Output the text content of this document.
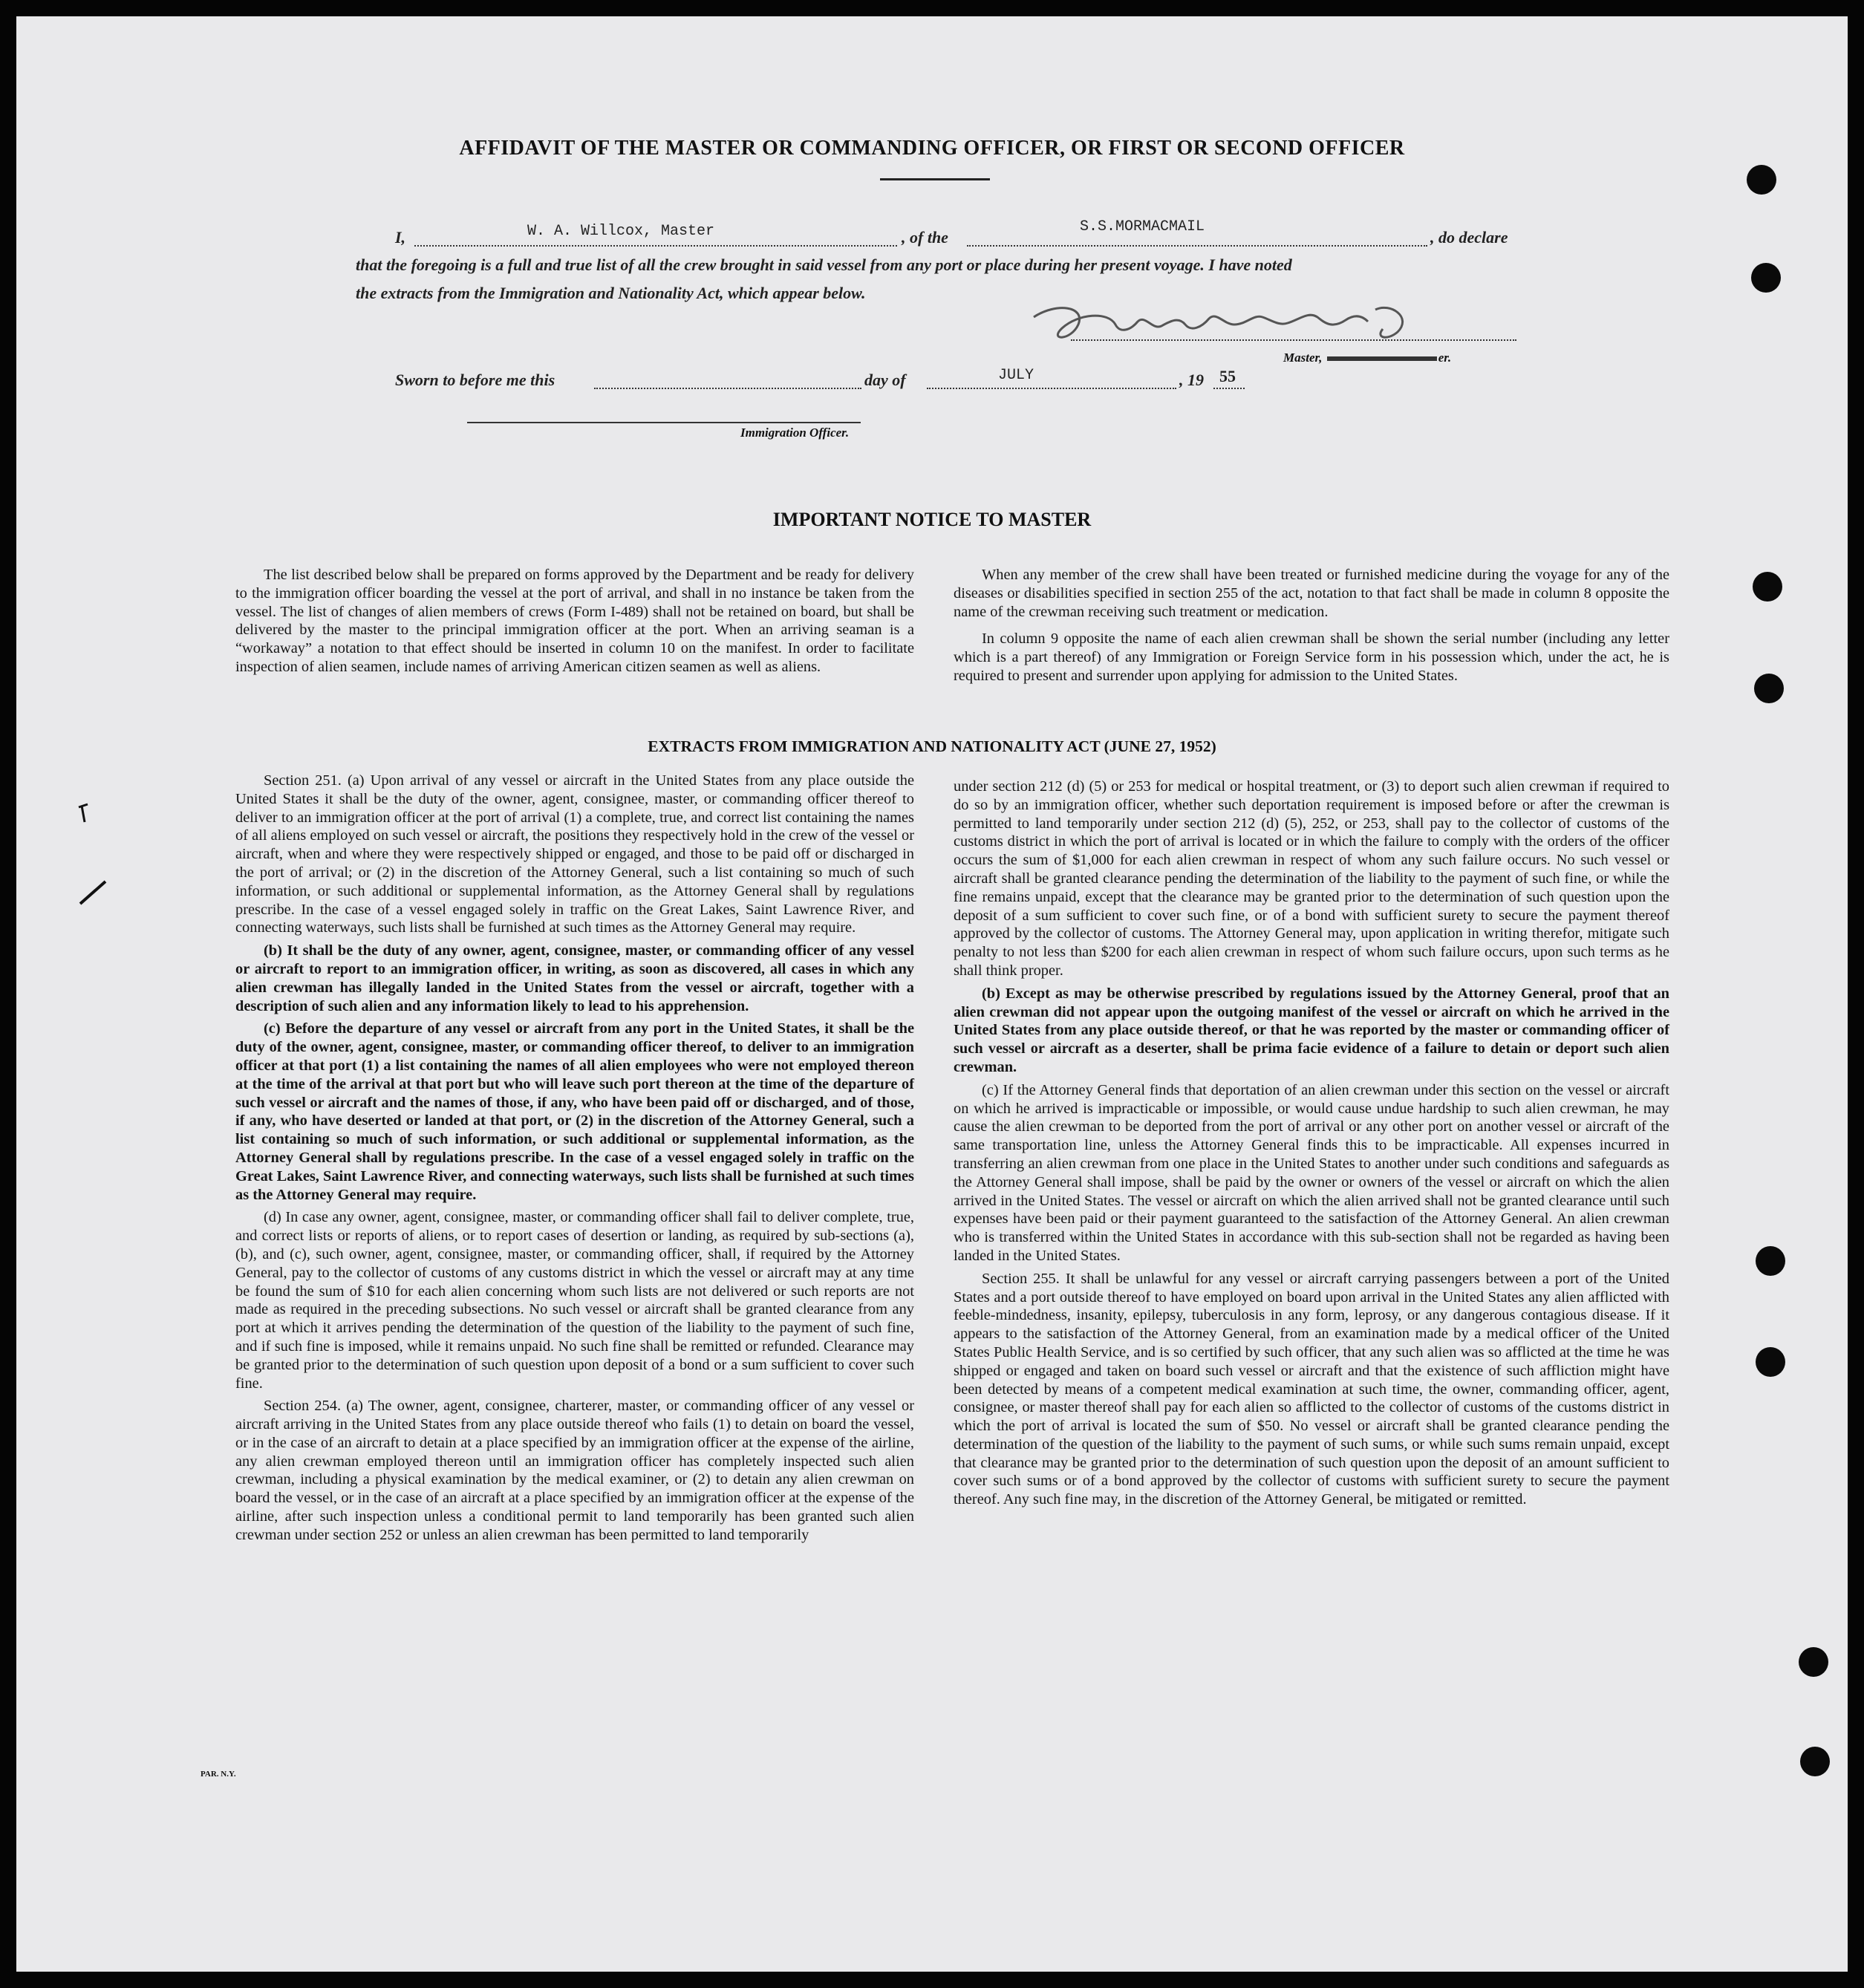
AFFIDAVIT OF THE MASTER OR COMMANDING OFFICER, OR FIRST OR SECOND OFFICER
I,	W. A. Willcox, Master	, of the
S.S.MORMACMAIL
, do declare
that the foregoing is a full and true list of all the crew brought in said vessel from any port or place during her present voyage. I have noted
the extracts from the Immigration and Nationality Act, which appear below.
Master,	er.
Sworn to before me this	day of	JULY	, 19 55
Immigration Officer.
IMPORTANT NOTICE TO MASTER

The list described below shall be prepared on forms approved by the Department and be ready for delivery to the immigration officer boarding the vessel at the port of arrival, and shall in no instance be taken from the vessel. The list of changes of alien members of crews (Form I-489) shall not be retained on board, but shall be delivered by the master to the principal immigration officer at the port. When an arriving seaman is a “workaway” a notation to that effect should be inserted in column 10 on the manifest. In order to facilitate inspection of alien seamen, include names of arriving American citizen seamen as well as aliens.

When any member of the crew shall have been treated or furnished medicine during the voyage for any of the diseases or disabilities specified in section 255 of the act, notation to that fact shall be made in column 8 opposite the name of the crewman receiving such treatment or medication.

In column 9 opposite the name of each alien crewman shall be shown the serial number (including any letter which is a part thereof) of any Immigration or Foreign Service form in his possession which, under the act, he is required to present and surrender upon applying for admission to the United States.

EXTRACTS FROM IMMIGRATION AND NATIONALITY ACT (JUNE 27, 1952)

Section 251. (a) Upon arrival of any vessel or aircraft in the United States from any place outside the United States it shall be the duty of the owner, agent, consignee, master, or commanding officer thereof to deliver to an immigration officer at the port of arrival (1) a complete, true, and correct list containing the names of all aliens employed on such vessel or aircraft, the positions they respectively hold in the crew of the vessel or aircraft, when and where they were respectively shipped or engaged, and those to be paid off or discharged in the port of arrival; or (2) in the discretion of the Attorney General, such a list containing so much of such information, or such additional or supplemental information, as the Attorney General shall by regulations prescribe. In the case of a vessel engaged solely in traffic on the Great Lakes, Saint Lawrence River, and connecting waterways, such lists shall be furnished at such times as the Attorney General may require.

(b) It shall be the duty of any owner, agent, consignee, master, or commanding officer of any vessel or aircraft to report to an immigration officer, in writing, as soon as discovered, all cases in which any alien crewman has illegally landed in the United States from the vessel or aircraft, together with a description of such alien and any information likely to lead to his apprehension.

(c) Before the departure of any vessel or aircraft from any port in the United States, it shall be the duty of the owner, agent, consignee, master, or commanding officer thereof, to deliver to an immigration officer at that port (1) a list containing the names of all alien employees who were not employed thereon at the time of the arrival at that port but who will leave such port thereon at the time of the departure of such vessel or aircraft and the names of those, if any, who have been paid off or discharged, and of those, if any, who have deserted or landed at that port, or (2) in the discretion of the Attorney General, such a list containing so much of such information, or such additional or supplemental information, as the Attorney General shall by regulations prescribe. In the case of a vessel engaged solely in traffic on the Great Lakes, Saint Lawrence River, and connecting waterways, such lists shall be furnished at such times as the Attorney General may require.

(d) In case any owner, agent, consignee, master, or commanding officer shall fail to deliver complete, true, and correct lists or reports of aliens, or to report cases of desertion or landing, as required by sub-sections (a), (b), and (c), such owner, agent, consignee, master, or commanding officer, shall, if required by the Attorney General, pay to the collector of customs of any customs district in which the vessel or aircraft may at any time be found the sum of $10 for each alien concerning whom such lists are not delivered or such reports are not made as required in the preceding subsections. No such vessel or aircraft shall be granted clearance from any port at which it arrives pending the determination of the question of the liability to the payment of such fine, and if such fine is imposed, while it remains unpaid. No such fine shall be remitted or refunded. Clearance may be granted prior to the determination of such question upon deposit of a bond or a sum sufficient to cover such fine.

Section 254. (a) The owner, agent, consignee, charterer, master, or commanding officer of any vessel or aircraft arriving in the United States from any place outside thereof who fails (1) to detain on board the vessel, or in the case of an aircraft to detain at a place specified by an immigration officer at the expense of the airline, any alien crewman employed thereon until an immigration officer has completely inspected such alien crewman, including a physical examination by the medical examiner, or (2) to detain any alien crewman on board the vessel, or in the case of an aircraft at a place specified by an immigration officer at the expense of the airline, after such inspection unless a conditional permit to land temporarily has been granted such alien crewman under section 252 or unless an alien crewman has been permitted to land temporarily

under section 212 (d) (5) or 253 for medical or hospital treatment, or (3) to deport such alien crewman if required to do so by an immigration officer, whether such deportation requirement is imposed before or after the crewman is permitted to land temporarily under section 212 (d) (5), 252, or 253, shall pay to the collector of customs of the customs district in which the port of arrival is located or in which the failure to comply with the orders of the officer occurs the sum of $1,000 for each alien crewman in respect of whom any such failure occurs. No such vessel or aircraft shall be granted clearance pending the determination of the liability to the payment of such fine, or while the fine remains unpaid, except that the clearance may be granted prior to the determination of such question upon the deposit of a sum sufficient to cover such fine, or of a bond with sufficient surety to secure the payment thereof approved by the collector of customs. The Attorney General may, upon application in writing therefor, mitigate such penalty to not less than $200 for each alien crewman in respect of whom such failure occurs, upon such terms as he shall think proper.

(b) Except as may be otherwise prescribed by regulations issued by the Attorney General, proof that an alien crewman did not appear upon the outgoing manifest of the vessel or aircraft on which he arrived in the United States from any place outside thereof, or that he was reported by the master or commanding officer of such vessel or aircraft as a deserter, shall be prima facie evidence of a failure to detain or deport such alien crewman.

(c) If the Attorney General finds that deportation of an alien crewman under this section on the vessel or aircraft on which he arrived is impracticable or impossible, or would cause undue hardship to such alien crewman, he may cause the alien crewman to be deported from the port of arrival or any other port on another vessel or aircraft of the same transportation line, unless the Attorney General finds this to be impracticable. All expenses incurred in transferring an alien crewman from one place in the United States to another under such conditions and safeguards as the Attorney General shall impose, shall be paid by the owner or owners of the vessel or aircraft on which the alien arrived in the United States. The vessel or aircraft on which the alien arrived shall not be granted clearance until such expenses have been paid or their payment guaranteed to the satisfaction of the Attorney General. An alien crewman who is transferred within the United States in accordance with this sub-section shall not be regarded as having been landed in the United States.

Section 255. It shall be unlawful for any vessel or aircraft carrying passengers between a port of the United States and a port outside thereof to have employed on board upon arrival in the United States any alien afflicted with feeble-mindedness, insanity, epilepsy, tuberculosis in any form, leprosy, or any dangerous contagious disease. If it appears to the satisfaction of the Attorney General, from an examination made by a medical officer of the United States Public Health Service, and is so certified by such officer, that any such alien was so afflicted at the time he was shipped or engaged and taken on board such vessel or aircraft and that the existence of such affliction might have been detected by means of a competent medical examination at such time, the owner, commanding officer, agent, consignee, or master thereof shall pay for each alien so afflicted to the collector of customs of the customs district in which the port of arrival is located the sum of $50. No vessel or aircraft shall be granted clearance pending the determination of the question of the liability to the payment of such sums, or while such sums remain unpaid, except that clearance may be granted prior to the determination of such question upon the deposit of an amount sufficient to cover such sums or of a bond approved by the collector of customs with sufficient surety to secure the payment thereof. Any such fine may, in the discretion of the Attorney General, be mitigated or remitted.

PAR. N.Y.
